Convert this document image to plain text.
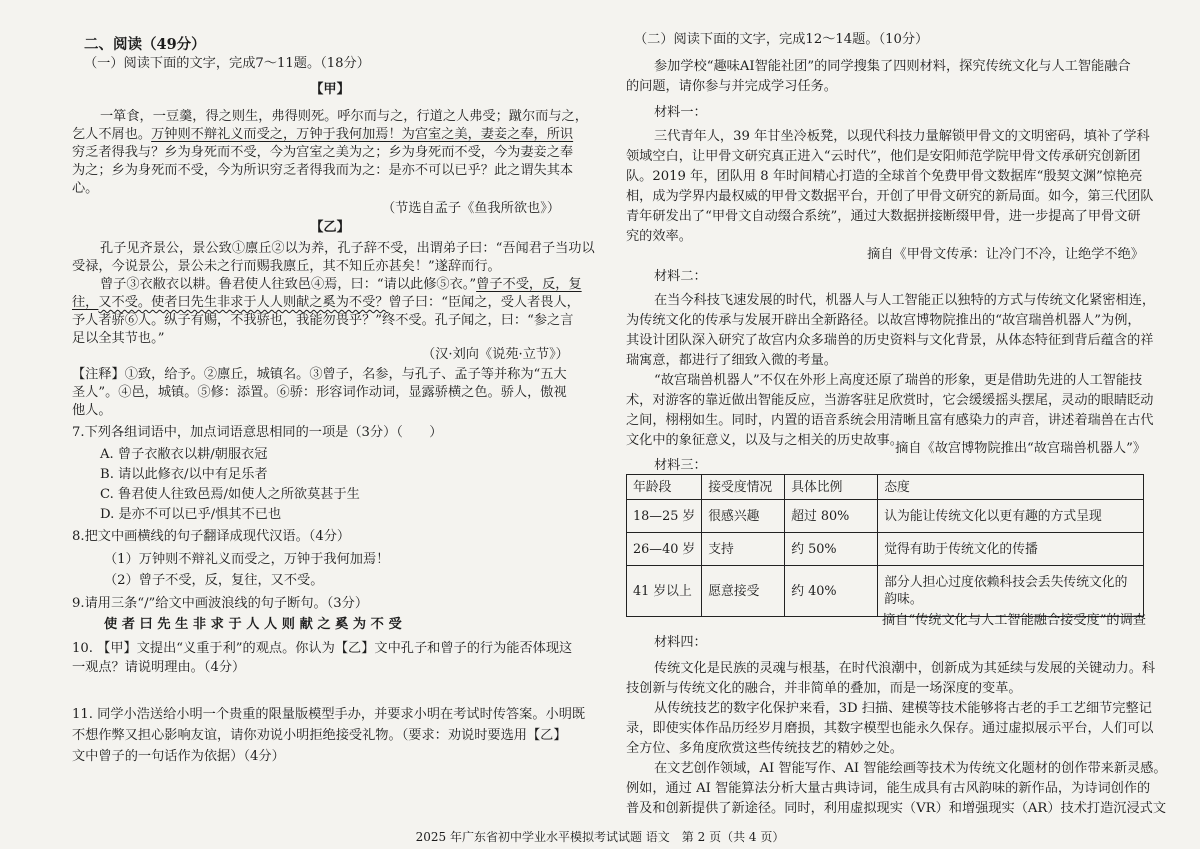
二、阅读（49分）
（一）阅读下面的文字，完成7～11题。（18分）
【甲】
一箪食，一豆羹，得之则生，弗得则死。呼尔而与之，行道之人弗受；蹴尔而与之，
乞人不屑也。万钟则不辩礼义而受之，万钟于我何加焉！为宫室之美，妻妾之奉，所识
穷乏者得我与？乡为身死而不受，今为宫室之美为之；乡为身死而不受，今为妻妾之奉
为之；乡为身死而不受，今为所识穷乏者得我而为之：是亦不可以已乎？此之谓失其本
心。
（节选自孟子《鱼我所欲也》）
【乙】
孔子见齐景公，景公致①廪丘②以为养，孔子辞不受，出谓弟子曰：“吾闻君子当功以
受禄，今说景公，景公未之行而赐我廪丘，其不知丘亦甚矣！”遂辞而行。
曾子③衣敝衣以耕。鲁君使人往致邑④焉，曰：“请以此修⑤衣。”曾子不受，反，复
往，又不受。使者曰先生非求于人人则献之奚为不受？曾子曰：“臣闻之，受人者畏人，
予人者骄⑥人。纵子有赐，不我骄也，我能勿畏乎？”终不受。孔子闻之，曰：“参之言
足以全其节也。”
（汉·刘向《说苑·立节》）
【注释】①致，给予。②廪丘，城镇名。③曾子，名参，与孔子、孟子等并称为“五大
圣人”。④邑，城镇。⑤修：添置。⑥骄：形容词作动词，显露骄横之色。骄人，傲视
他人。
7.下列各组词语中，加点词语意思相同的一项是（3分）（　　）
A. 曾子衣敝衣以耕/朝服衣冠
B. 请以此修衣/以中有足乐者
C. 鲁君使人往致邑焉/如使人之所欲莫甚于生
D. 是亦不可以已乎/惧其不已也
8.把文中画横线的句子翻译成现代汉语。（4分）
（1）万钟则不辩礼义而受之，万钟于我何加焉！
（2）曾子不受，反，复往，又不受。
9.请用三条“/”给文中画波浪线的句子断句。（3分）
使 者 曰 先 生 非 求 于 人 人 则 献 之 奚 为 不 受
10. 【甲】文提出“义重于利”的观点。你认为【乙】文中孔子和曾子的行为能否体现这
一观点？请说明理由。（4分）
11. 同学小浩送给小明一个贵重的限量版模型手办，并要求小明在考试时传答案。小明既
不想作弊又担心影响友谊，请你劝说小明拒绝接受礼物。（要求：劝说时要选用【乙】
文中曾子的一句话作为依据）（4分）
（二）阅读下面的文字，完成12～14题。（10分）
参加学校“趣味AI智能社团”的同学搜集了四则材料，探究传统文化与人工智能融合
的问题，请你参与并完成学习任务。
材料一：
三代青年人，39 年甘坐冷板凳，以现代科技力量解锁甲骨文的文明密码，填补了学科
领域空白，让甲骨文研究真正进入“云时代”，他们是安阳师范学院甲骨文传承研究创新团
队。2019 年，团队用 8 年时间精心打造的全球首个免费甲骨文数据库“殷契文渊”惊艳亮
相，成为学界内最权威的甲骨文数据平台，开创了甲骨文研究的新局面。如今，第三代团队
青年研发出了“甲骨文自动缀合系统”，通过大数据拼接断缀甲骨，进一步提高了甲骨文研
究的效率。
摘自《甲骨文传承：让冷门不冷，让绝学不绝》
材料二：
在当今科技飞速发展的时代，机器人与人工智能正以独特的方式与传统文化紧密相连，
为传统文化的传承与发展开辟出全新路径。以故宫博物院推出的“故宫瑞兽机器人”为例，
其设计团队深入研究了故宫内众多瑞兽的历史资料与文化背景，从体态特征到背后蕴含的祥
瑞寓意，都进行了细致入微的考量。
“故宫瑞兽机器人”不仅在外形上高度还原了瑞兽的形象，更是借助先进的人工智能技
术，对游客的靠近做出智能反应，当游客驻足欣赏时，它会缓缓摇头摆尾，灵动的眼睛眨动
之间，栩栩如生。同时，内置的语音系统会用清晰且富有感染力的声音，讲述着瑞兽在古代
文化中的象征意义，以及与之相关的历史故事。
摘自《故宫博物院推出“故宫瑞兽机器人”》
材料三：
年龄段	接受度情况	具体比例	态度
18—25 岁	很感兴趣	超过 80%	认为能让传统文化以更有趣的方式呈现
26—40 岁	支持	约 50%	觉得有助于传统文化的传播
41 岁以上	愿意接受	约 40%	部分人担心过度依赖科技会丢失传统文化的
韵味。
摘自“传统文化与人工智能融合接受度”的调查
材料四：
传统文化是民族的灵魂与根基，在时代浪潮中，创新成为其延续与发展的关键动力。科
技创新与传统文化的融合，并非简单的叠加，而是一场深度的变革。
从传统技艺的数字化保护来看，3D 扫描、建模等技术能够将古老的手工艺细节完整记
录，即使实体作品历经岁月磨损，其数字模型也能永久保存。通过虚拟展示平台，人们可以
全方位、多角度欣赏这些传统技艺的精妙之处。
在文艺创作领域，AI 智能写作、AI 智能绘画等技术为传统文化题材的创作带来新灵感。
例如，通过 AI 智能算法分析大量古典诗词，能生成具有古风韵味的新作品，为诗词创作的
普及和创新提供了新途径。同时，利用虚拟现实（VR）和增强现实（AR）技术打造沉浸式文
2025 年广东省初中学业水平模拟考试试题 语文　第 2 页（共 4 页）
